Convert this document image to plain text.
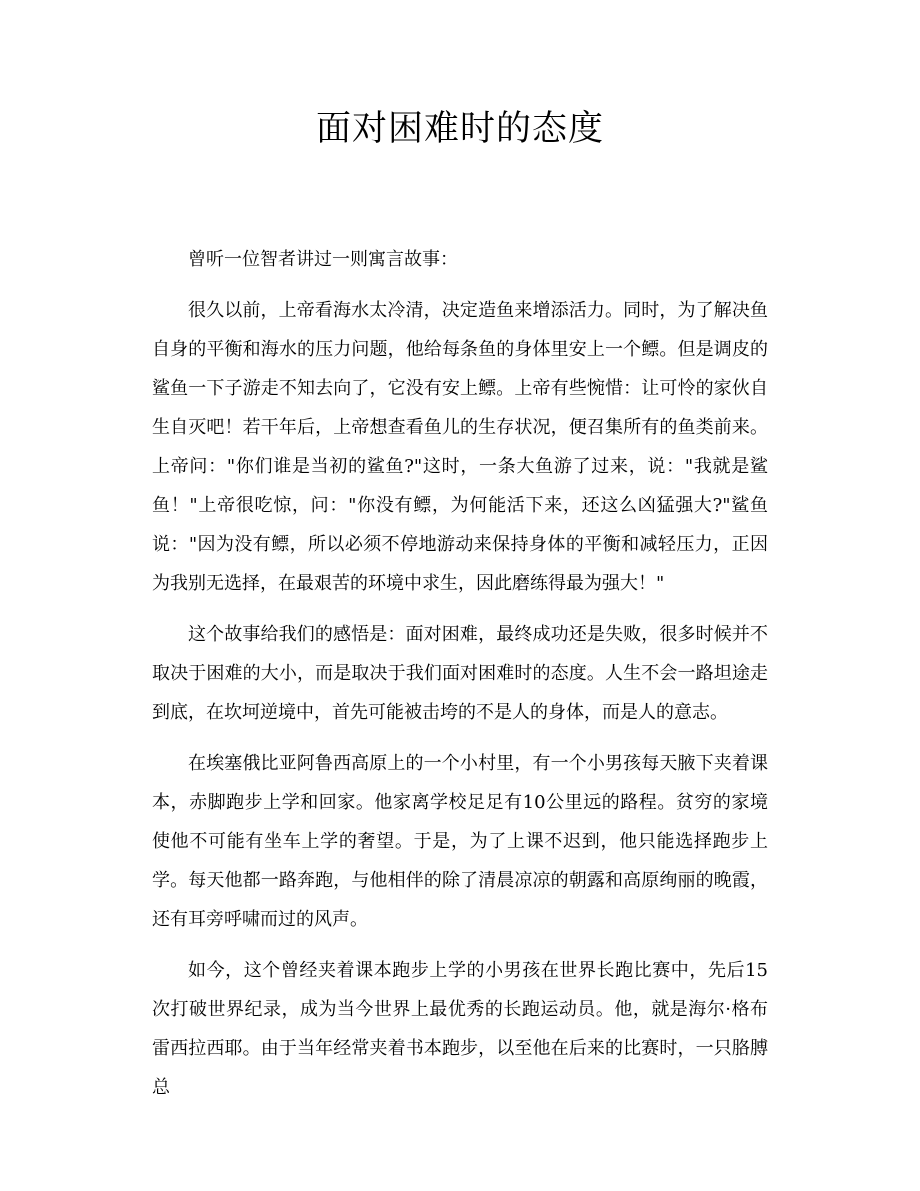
面对困难时的态度

曾听一位智者讲过一则寓言故事：

很久以前，上帝看海水太冷清，决定造鱼来增添活力。同时，为了解决鱼自身的平衡和海水的压力问题，他给每条鱼的身体里安上一个鳔。但是调皮的鲨鱼一下子游走不知去向了，它没有安上鳔。上帝有些惋惜：让可怜的家伙自生自灭吧！若干年后，上帝想查看鱼儿的生存状况，便召集所有的鱼类前来。上帝问："你们谁是当初的鲨鱼?"这时，一条大鱼游了过来，说："我就是鲨鱼！"上帝很吃惊，问："你没有鳔，为何能活下来，还这么凶猛强大?"鲨鱼说："因为没有鳔，所以必须不停地游动来保持身体的平衡和减轻压力，正因为我别无选择，在最艰苦的环境中求生，因此磨练得最为强大！"

这个故事给我们的感悟是：面对困难，最终成功还是失败，很多时候并不取决于困难的大小，而是取决于我们面对困难时的态度。人生不会一路坦途走到底，在坎坷逆境中，首先可能被击垮的不是人的身体，而是人的意志。

在埃塞俄比亚阿鲁西高原上的一个小村里，有一个小男孩每天腋下夹着课本，赤脚跑步上学和回家。他家离学校足足有10公里远的路程。贫穷的家境使他不可能有坐车上学的奢望。于是，为了上课不迟到，他只能选择跑步上学。每天他都一路奔跑，与他相伴的除了清晨凉凉的朝露和高原绚丽的晚霞，还有耳旁呼啸而过的风声。

如今，这个曾经夹着课本跑步上学的小男孩在世界长跑比赛中，先后15次打破世界纪录，成为当今世界上最优秀的长跑运动员。他，就是海尔·格布雷西拉西耶。由于当年经常夹着书本跑步，以至他在后来的比赛时，一只胳膊总
